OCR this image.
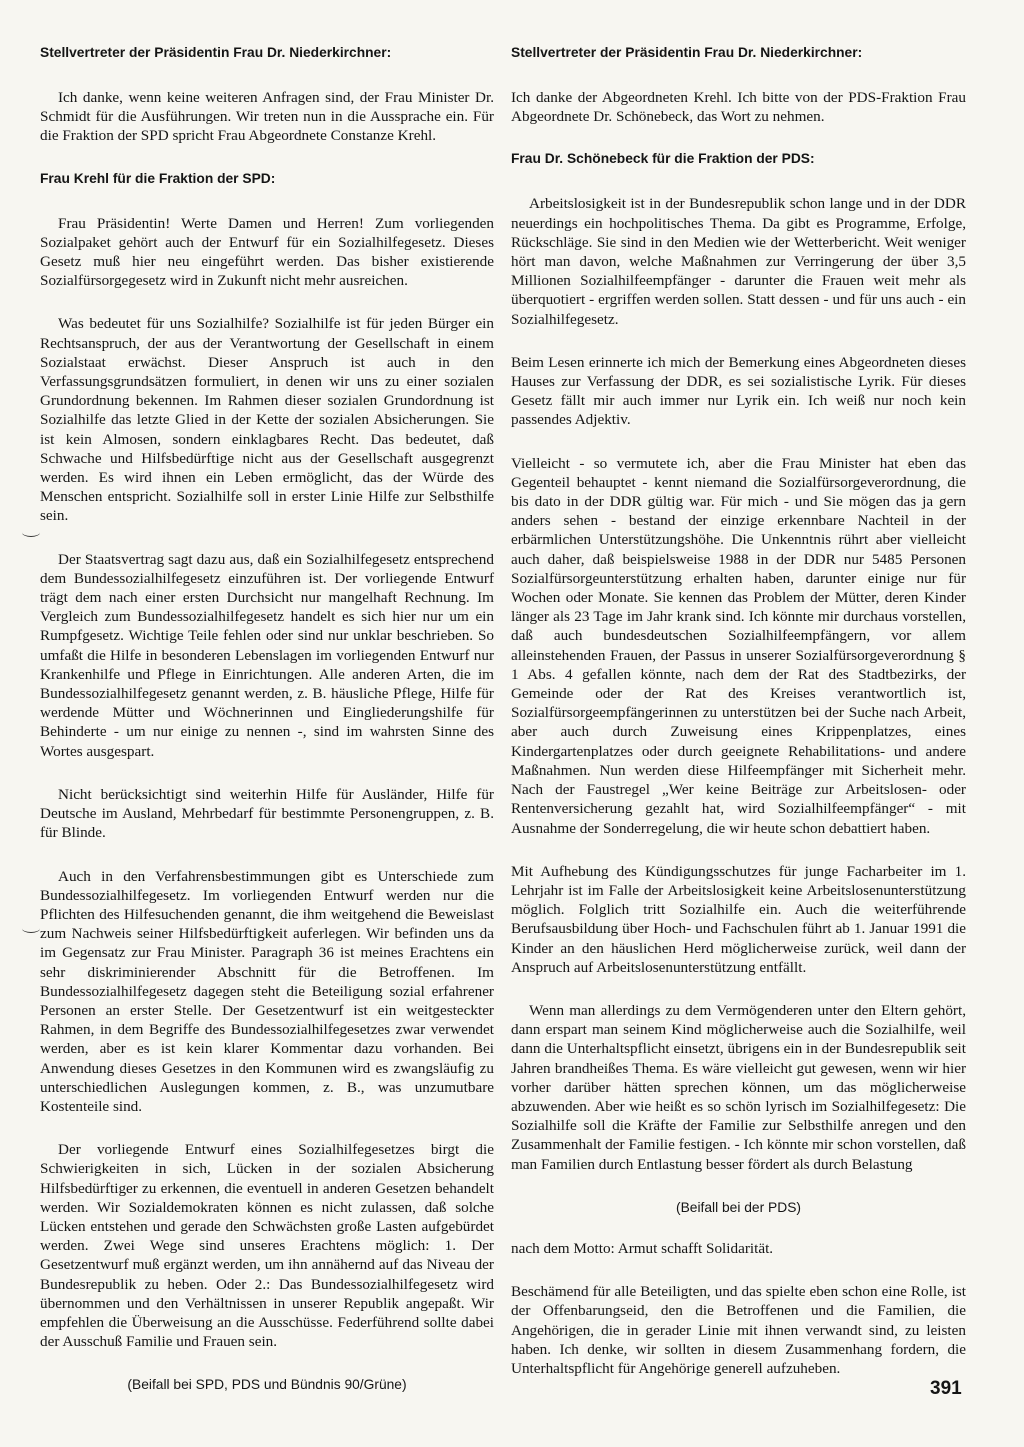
Stellvertreter der Präsidentin Frau Dr. Niederkirchner:

Ich danke, wenn keine weiteren Anfragen sind, der Frau Minister Dr. Schmidt für die Ausführungen. Wir treten nun in die Aussprache ein. Für die Fraktion der SPD spricht Frau Abgeordnete Constanze Krehl.

Frau Krehl für die Fraktion der SPD:

Frau Präsidentin! Werte Damen und Herren! Zum vorliegenden Sozialpaket gehört auch der Entwurf für ein Sozialhilfegesetz. Dieses Gesetz muß hier neu eingeführt werden. Das bisher existierende Sozialfürsorgegesetz wird in Zukunft nicht mehr ausreichen.

Was bedeutet für uns Sozialhilfe? Sozialhilfe ist für jeden Bürger ein Rechtsanspruch, der aus der Verantwortung der Gesellschaft in einem Sozialstaat erwächst. Dieser Anspruch ist auch in den Verfassungsgrundsätzen formuliert, in denen wir uns zu einer sozialen Grundordnung bekennen. Im Rahmen dieser sozialen Grundordnung ist Sozialhilfe das letzte Glied in der Kette der sozialen Absicherungen. Sie ist kein Almosen, sondern einklagbares Recht. Das bedeutet, daß Schwache und Hilfsbedürftige nicht aus der Gesellschaft ausgegrenzt werden. Es wird ihnen ein Leben ermöglicht, das der Würde des Menschen entspricht. Sozialhilfe soll in erster Linie Hilfe zur Selbsthilfe sein.

Der Staatsvertrag sagt dazu aus, daß ein Sozialhilfegesetz entsprechend dem Bundessozialhilfegesetz einzuführen ist. Der vorliegende Entwurf trägt dem nach einer ersten Durchsicht nur mangelhaft Rechnung. Im Vergleich zum Bundessozialhilfegesetz handelt es sich hier nur um ein Rumpfgesetz. Wichtige Teile fehlen oder sind nur unklar beschrieben. So umfaßt die Hilfe in besonderen Lebenslagen im vorliegenden Entwurf nur Krankenhilfe und Pflege in Einrichtungen. Alle anderen Arten, die im Bundessozialhilfegesetz genannt werden, z. B. häusliche Pflege, Hilfe für werdende Mütter und Wöchnerinnen und Eingliederungshilfe für Behinderte - um nur einige zu nennen -, sind im wahrsten Sinne des Wortes ausgespart.

Nicht berücksichtigt sind weiterhin Hilfe für Ausländer, Hilfe für Deutsche im Ausland, Mehrbedarf für bestimmte Personengruppen, z. B. für Blinde.

Auch in den Verfahrensbestimmungen gibt es Unterschiede zum Bundessozialhilfegesetz. Im vorliegenden Entwurf werden nur die Pflichten des Hilfesuchenden genannt, die ihm weitgehend die Beweislast zum Nachweis seiner Hilfsbedürftigkeit auferlegen. Wir befinden uns da im Gegensatz zur Frau Minister. Paragraph 36 ist meines Erachtens ein sehr diskriminierender Abschnitt für die Betroffenen. Im Bundessozialhilfegesetz dagegen steht die Beteiligung sozial erfahrener Personen an erster Stelle. Der Gesetzentwurf ist ein weitgesteckter Rahmen, in dem Begriffe des Bundessozialhilfegesetzes zwar verwendet werden, aber es ist kein klarer Kommentar dazu vorhanden. Bei Anwendung dieses Gesetzes in den Kommunen wird es zwangsläufig zu unterschiedlichen Auslegungen kommen, z. B., was unzumutbare Kostenteile sind.

Der vorliegende Entwurf eines Sozialhilfegesetzes birgt die Schwierigkeiten in sich, Lücken in der sozialen Absicherung Hilfsbedürftiger zu erkennen, die eventuell in anderen Gesetzen behandelt werden. Wir Sozialdemokraten können es nicht zulassen, daß solche Lücken entstehen und gerade den Schwächsten große Lasten aufgebürdet werden. Zwei Wege sind unseres Erachtens möglich: 1. Der Gesetzentwurf muß ergänzt werden, um ihn annähernd auf das Niveau der Bundesrepublik zu heben. Oder 2.: Das Bundessozialhilfegesetz wird übernommen und den Verhältnissen in unserer Republik angepaßt. Wir empfehlen die Überweisung an die Ausschüsse. Federführend sollte dabei der Ausschuß Familie und Frauen sein.

(Beifall bei SPD, PDS und Bündnis 90/Grüne)
Stellvertreter der Präsidentin Frau Dr. Niederkirchner:

Ich danke der Abgeordneten Krehl. Ich bitte von der PDS-Fraktion Frau Abgeordnete Dr. Schönebeck, das Wort zu nehmen.

Frau Dr. Schönebeck für die Fraktion der PDS:

Arbeitslosigkeit ist in der Bundesrepublik schon lange und in der DDR neuerdings ein hochpolitisches Thema. Da gibt es Programme, Erfolge, Rückschläge. Sie sind in den Medien wie der Wetterbericht. Weit weniger hört man davon, welche Maßnahmen zur Verringerung der über 3,5 Millionen Sozialhilfeempfänger - darunter die Frauen weit mehr als überquotiert - ergriffen werden sollen. Statt dessen - und für uns auch - ein Sozialhilfegesetz.

Beim Lesen erinnerte ich mich der Bemerkung eines Abgeordneten dieses Hauses zur Verfassung der DDR, es sei sozialistische Lyrik. Für dieses Gesetz fällt mir auch immer nur Lyrik ein. Ich weiß nur noch kein passendes Adjektiv.

Vielleicht - so vermutete ich, aber die Frau Minister hat eben das Gegenteil behauptet - kennt niemand die Sozialfürsorgeverordnung, die bis dato in der DDR gültig war. Für mich - und Sie mögen das ja gern anders sehen - bestand der einzige erkennbare Nachteil in der erbärmlichen Unterstützungshöhe. Die Unkenntnis rührt aber vielleicht auch daher, daß beispielsweise 1988 in der DDR nur 5485 Personen Sozialfürsorgeunterstützung erhalten haben, darunter einige nur für Wochen oder Monate. Sie kennen das Problem der Mütter, deren Kinder länger als 23 Tage im Jahr krank sind. Ich könnte mir durchaus vorstellen, daß auch bundesdeutschen Sozialhilfeempfängern, vor allem alleinstehenden Frauen, der Passus in unserer Sozialfürsorgeverordnung § 1 Abs. 4 gefallen könnte, nach dem der Rat des Stadtbezirks, der Gemeinde oder der Rat des Kreises verantwortlich ist, Sozialfürsorgeempfängerinnen zu unterstützen bei der Suche nach Arbeit, aber auch durch Zuweisung eines Krippenplatzes, eines Kindergartenplatzes oder durch geeignete Rehabilitations- und andere Maßnahmen. Nun werden diese Hilfeempfänger mit Sicherheit mehr. Nach der Faustregel „Wer keine Beiträge zur Arbeitslosen- oder Rentenversicherung gezahlt hat, wird Sozialhilfeempfänger“ - mit Ausnahme der Sonderregelung, die wir heute schon debattiert haben.

Mit Aufhebung des Kündigungsschutzes für junge Facharbeiter im 1. Lehrjahr ist im Falle der Arbeitslosigkeit keine Arbeitslosenunterstützung möglich. Folglich tritt Sozialhilfe ein. Auch die weiterführende Berufsausbildung über Hoch- und Fachschulen führt ab 1. Januar 1991 die Kinder an den häuslichen Herd möglicherweise zurück, weil dann der Anspruch auf Arbeitslosenunterstützung entfällt.

Wenn man allerdings zu dem Vermögenderen unter den Eltern gehört, dann erspart man seinem Kind möglicherweise auch die Sozialhilfe, weil dann die Unterhaltspflicht einsetzt, übrigens ein in der Bundesrepublik seit Jahren brandheißes Thema. Es wäre vielleicht gut gewesen, wenn wir hier vorher darüber hätten sprechen können, um das möglicherweise abzuwenden. Aber wie heißt es so schön lyrisch im Sozialhilfegesetz: Die Sozialhilfe soll die Kräfte der Familie zur Selbsthilfe anregen und den Zusammenhalt der Familie festigen. - Ich könnte mir schon vorstellen, daß man Familien durch Entlastung besser fördert als durch Belastung

(Beifall bei der PDS)

nach dem Motto: Armut schafft Solidarität.

Beschämend für alle Beteiligten, und das spielte eben schon eine Rolle, ist der Offenbarungseid, den die Betroffenen und die Familien, die Angehörigen, die in gerader Linie mit ihnen verwandt sind, zu leisten haben. Ich denke, wir sollten in diesem Zusammenhang fordern, die Unterhaltspflicht für Angehörige generell aufzuheben.

391
